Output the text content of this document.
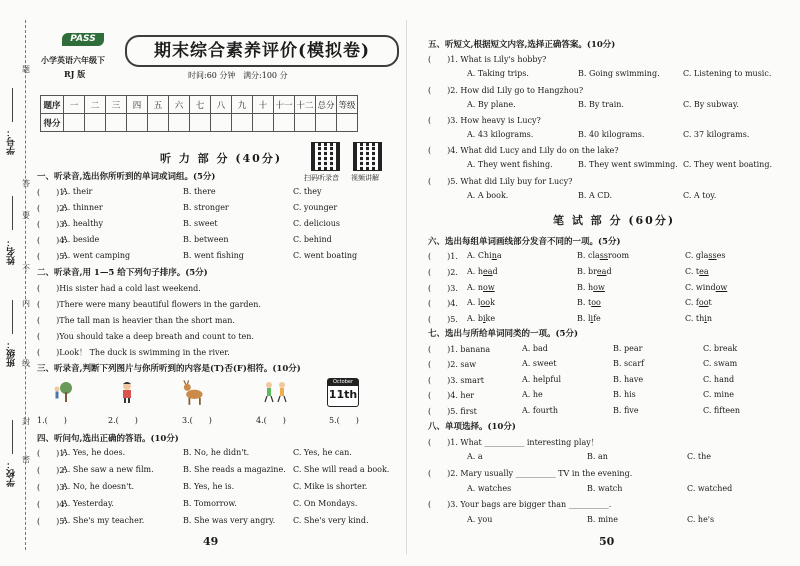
题
答
要
不
内
线
封
密
学号：
姓名：
班级：
学校：
PASS
小学英语六年级下
RJ 版
期末综合素养评价(模拟卷)
时间:60 分钟 满分:100 分
题序	一	二	三	四	五	六	七	八	九	十	十一	十二	总分	等级
得分														
扫码听录音 视频讲解
听 力 部 分 (40分)
一、听录音,选出你所听到的单词或词组。(5分)
(　　)1.
A. their	B. there	C. they
(　　)2.
A. thinner	B. stronger	C. younger
(　　)3.
A. healthy	B. sweet	C. delicious
(　　)4.
A. beside	B. between	C. behind
(　　)5.
A. went camping	B. went fishing	C. went boating
二、听录音,用 1—5 给下列句子排序。(5分)
(　　)His sister had a cold last weekend.
(　　)There were many beautiful flowers in the garden.
(　　)The tall man is heavier than the short man.
(　　)You should take a deep breath and count to ten.
(　　)Look！ The duck is swimming in the river.
三、听录音,判断下列图片与你所听到的内容是(T)否(F)相符。(10分)
October
11th
1.(　　)	2.(　　)	3.(　　)	4.(　　)	5.(　　)
四、听问句,选出正确的答语。(10分)
(　　)1.
A. Yes, he does.	B. No, he didn't.	C. Yes, he can.
(　　)2.
A. She saw a new film.	B. She reads a magazine. C. She will read a book.
(　　)3.
A. No, he doesn't.	B. Yes, he is.	C. Mike is shorter.
(　　)4.
A. Yesterday.	B. Tomorrow.	C. On Mondays.
(　　)5.
A. She's my teacher.	B. She was very angry. C. She's very kind.
49
五、听短文,根据短文内容,选择正确答案。(10分)
(　　)1. What is Lily's hobby?
A. Taking trips.	B. Going swimming.	C. Listening to music.
(　　)2. How did Lily go to Hangzhou?
A. By plane.	B. By train.	C. By subway.
(　　)3. How heavy is Lucy?
A. 43 kilograms.	B. 40 kilograms.	C. 37 kilograms.
(　　)4. What did Lucy and Lily do on the lake?
A. They went fishing.	B. They went swimming. C. They went boating.
(　　)5. What did Lily buy for Lucy?
A. A book.	B. A CD.	C. A toy.
笔 试 部 分 (60分)
六、选出每组单词画线部分发音不同的一项。(5分)
(　　)1. A. China	B. classroom	C. glasses
(　　)2. A. head	B. bread	C. tea
(　　)3. A. now	B. how	C. window
(　　)4. A. look	B. too	C. foot
(　　)5. A. bike	B. life	C. thin
七、选出与所给单词同类的一项。(5分)
(　　)1. banana	A. bad	B. pear	C. break
(　　)2. saw	A. sweet	B. scarf	C. swam
(　　)3. smart	A. helpful	B. have	C. hand
(　　)4. her	A. he	B. his	C. mine
(　　)5. first	A. fourth	B. five	C. fifteen
八、单项选择。(10分)
(　　)1. What __________ interesting play！
A. a	B. an	C. the
(　　)2. Mary usually __________ TV in the evening.
A. watches	B. watch	C. watched
(　　)3. Your bags are bigger than __________.
A. you	B. mine	C. he's
50
